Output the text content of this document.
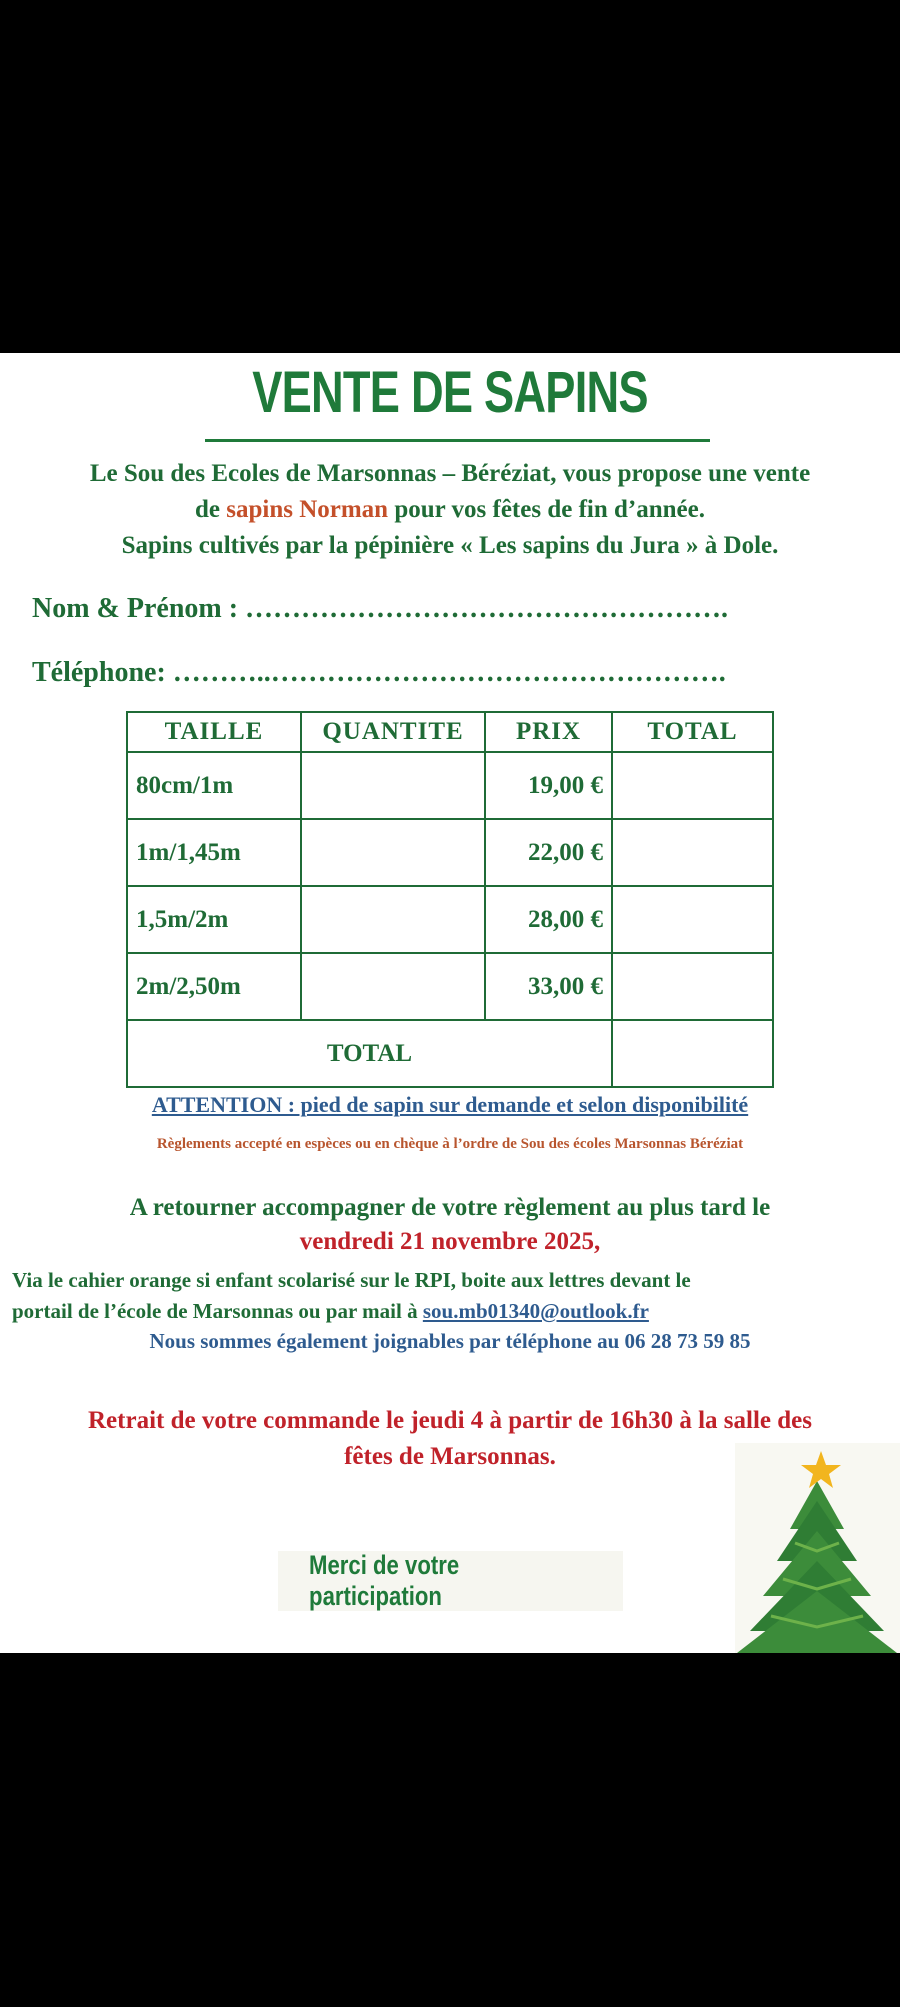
VENTE DE SAPINS
Le Sou des Ecoles de Marsonnas – Béréziat, vous propose une vente
de sapins Norman pour vos fêtes de fin d’année.
Sapins cultivés par la pépinière « Les sapins du Jura » à Dole.
Nom & Prénom : …………………………………………….
Téléphone: ………..………………………………………….
TAILLE	QUANTITE	PRIX	TOTAL
80cm/1m		19,00 €	
1m/1,45m		22,00 €	
1,5m/2m		28,00 €	
2m/2,50m		33,00 €	
TOTAL			
ATTENTION : pied de sapin sur demande et selon disponibilité
Règlements accepté en espèces ou en chèque à l’ordre de Sou des écoles Marsonnas Béréziat
A retourner accompagner de votre règlement au plus tard le
vendredi 21 novembre 2025,
Via le cahier orange si enfant scolarisé sur le RPI, boite aux lettres devant le
portail de l’école de Marsonnas ou par mail à sou.mb01340@outlook.fr
Nous sommes également joignables par téléphone au 06 28 73 59 85
Retrait de votre commande le jeudi 4 à partir de 16h30 à la salle des
fêtes de Marsonnas.
Merci de votre participation
